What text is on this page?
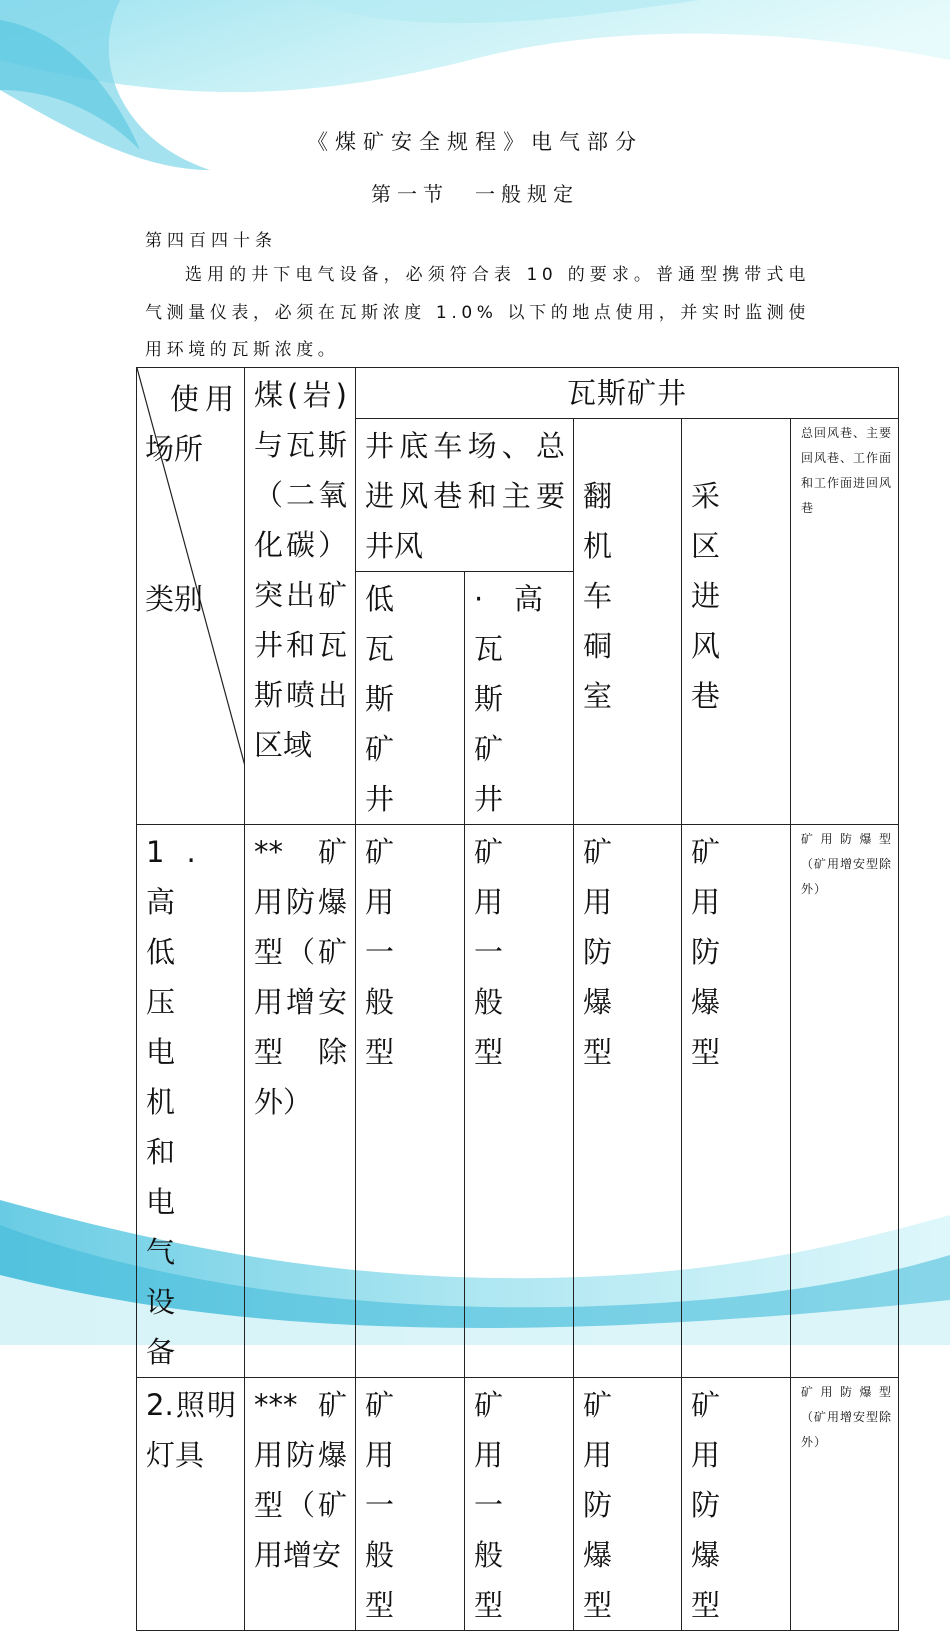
《煤矿安全规程》电气部分
第一节　一般规定
第四百四十条
选用的井下电气设备，必须符合表 10 的要求。普通型携带式电气测量仪表，必须在瓦斯浓度 1.0% 以下的地点使用，并实时监测使用环境的瓦斯浓度。
使用
场所
类别	煤(岩)与瓦斯（二氧化碳）突出矿井和瓦斯喷出区域	瓦斯矿井				
		井底车场、总进风巷和主要井风		翻机车硐室	采区进风巷	总回风巷、主要回风巷、工作面和工作面进回风巷
		低瓦斯矿井	·高瓦斯矿井			
1.高低压电机和电气设备	** 矿用防爆型（矿用增安型除外）	矿用一般型	矿用一般型	矿用防爆型	矿用防爆型	矿 用 防 爆 型（矿用增安型除外）
2.照明灯具	*** 矿用防爆型（矿用增安	矿用一般型	矿用一般型	矿用防爆型	矿用防爆型	矿 用 防 爆 型（矿用增安型除外）
